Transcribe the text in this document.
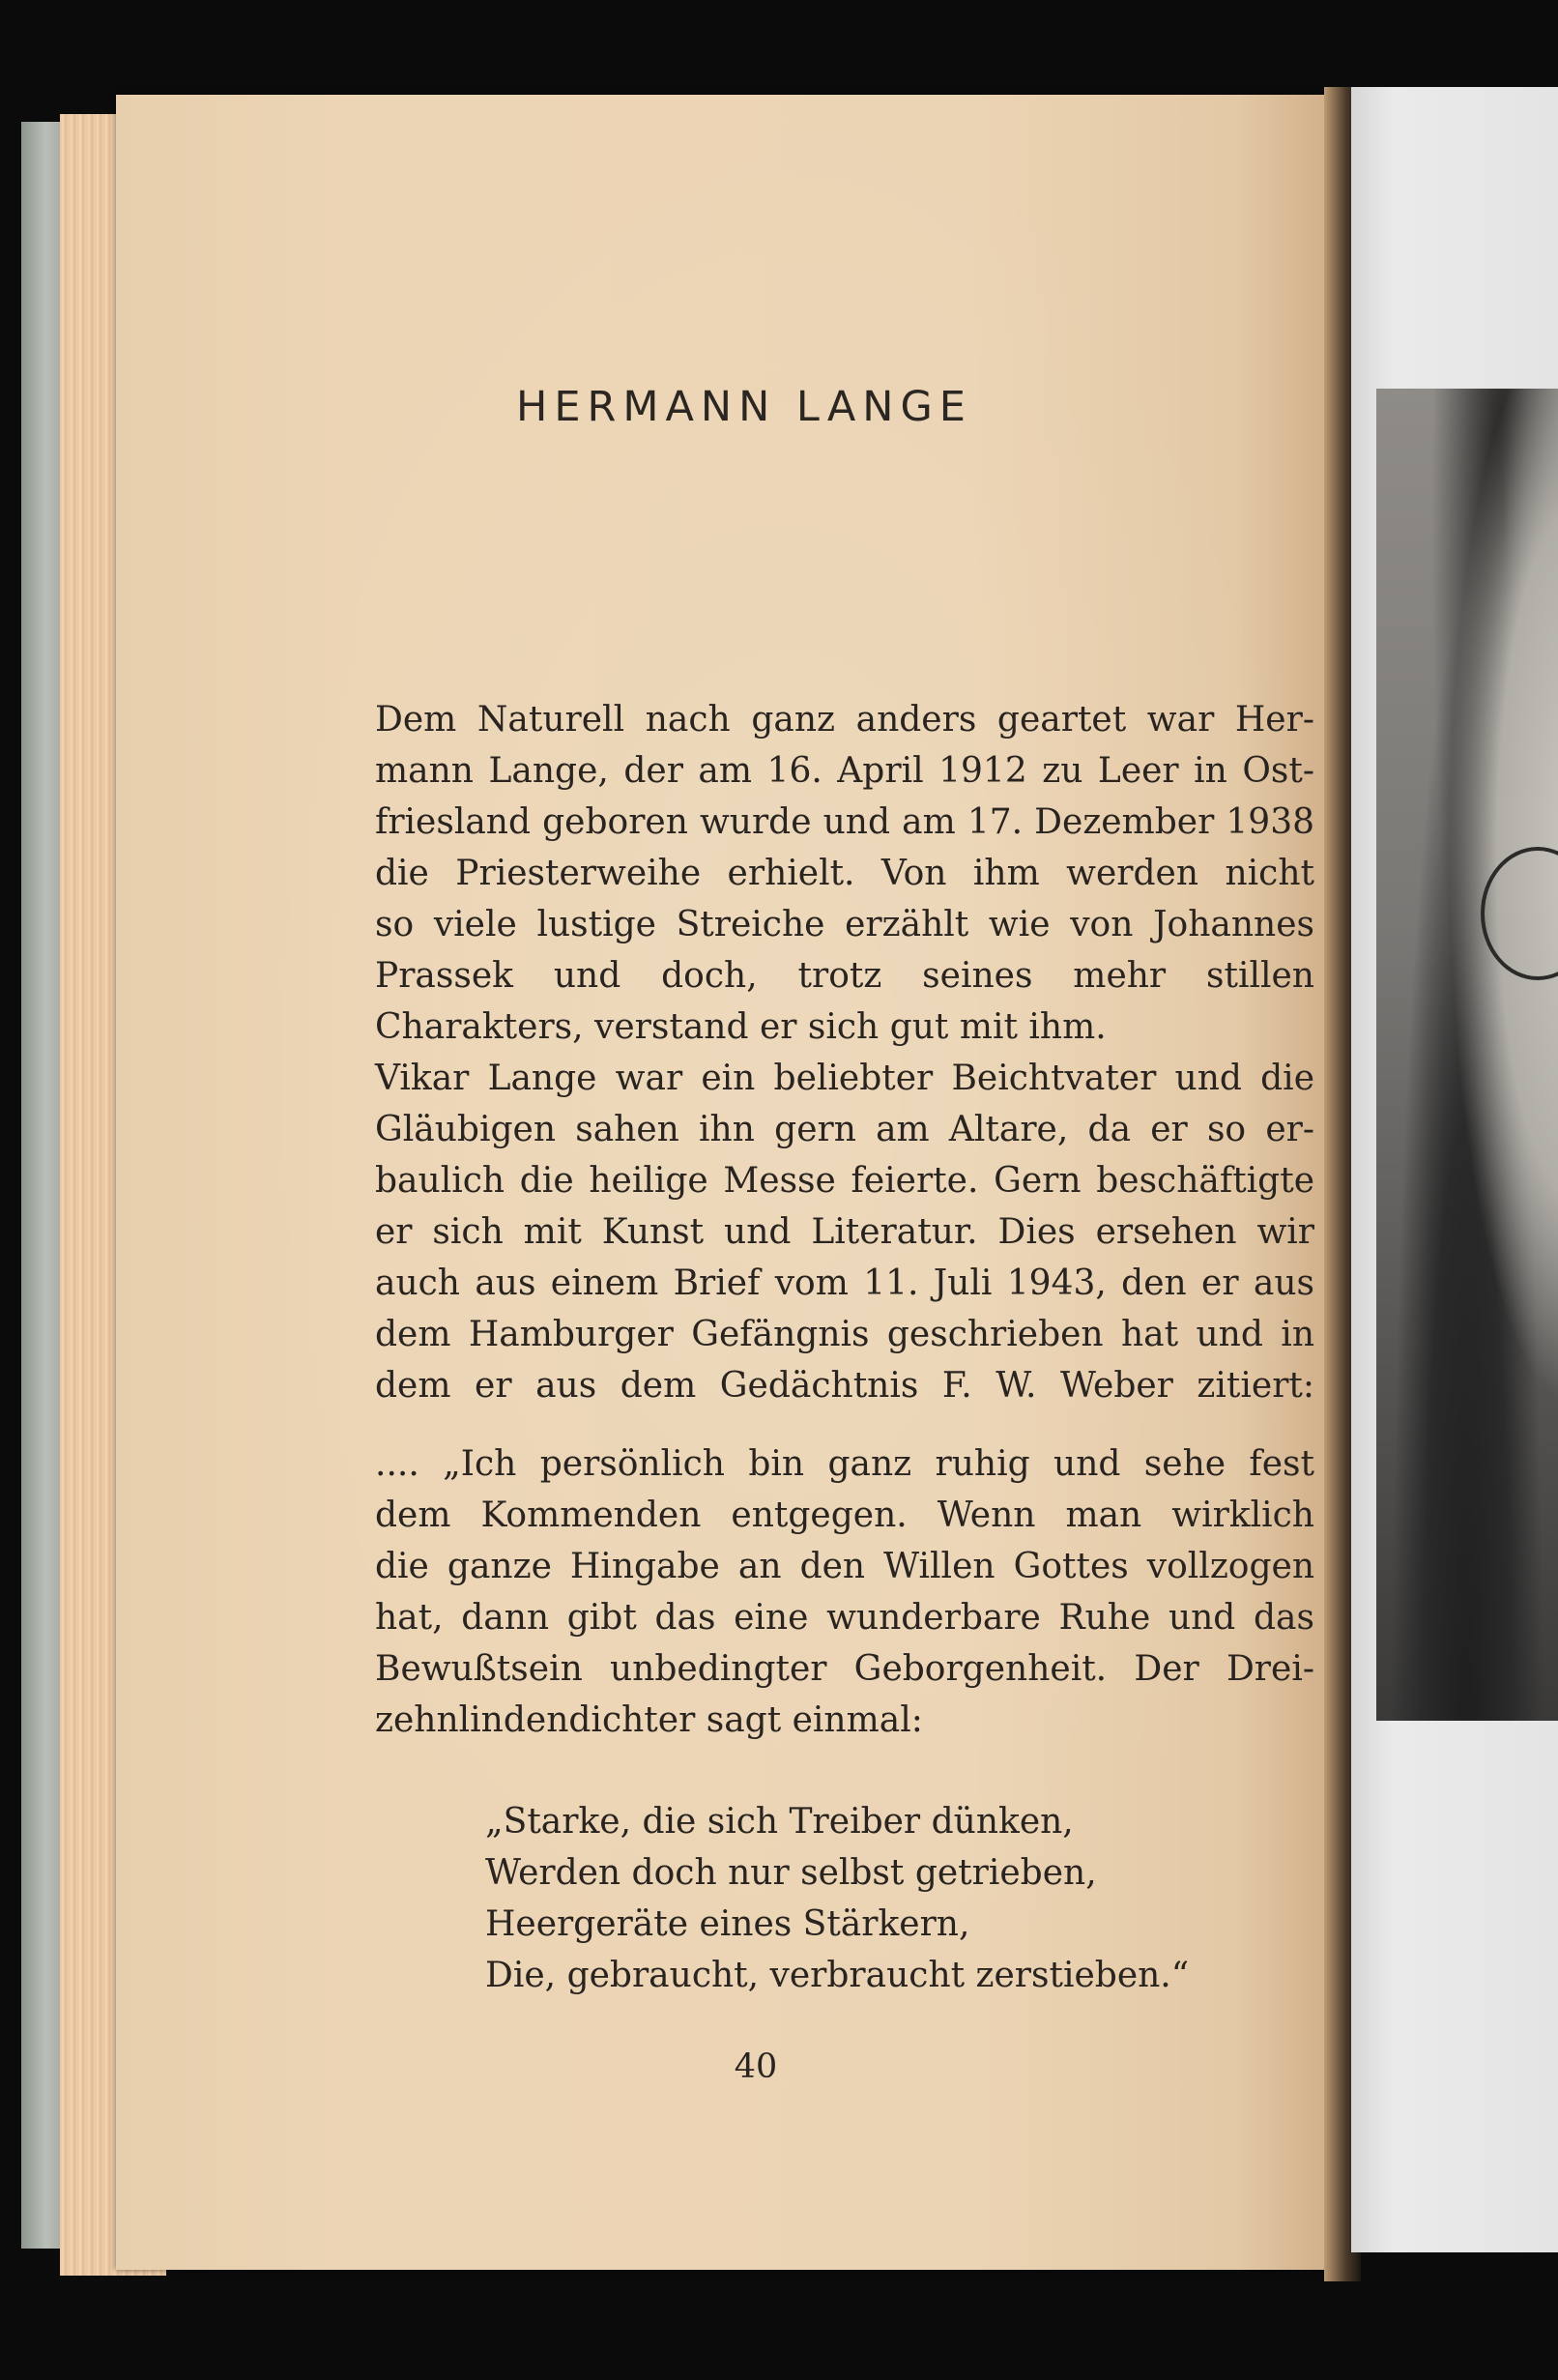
HERMANN LANGE
Dem Naturell nach ganz anders geartet war Her-
mann Lange, der am 16. April 1912 zu Leer in Ost-
friesland geboren wurde und am 17. Dezember 1938
die Priesterweihe erhielt. Von ihm werden nicht
so viele lustige Streiche erzählt wie von Johannes
Prassek und doch, trotz seines mehr stillen
Charakters, verstand er sich gut mit ihm.
Vikar Lange war ein beliebter Beichtvater und die
Gläubigen sahen ihn gern am Altare, da er so er-
baulich die heilige Messe feierte. Gern beschäftigte
er sich mit Kunst und Literatur. Dies ersehen wir
auch aus einem Brief vom 11. Juli 1943, den er aus
dem Hamburger Gefängnis geschrieben hat und in
dem er aus dem Gedächtnis F. W. Weber zitiert:
.... „Ich persönlich bin ganz ruhig und sehe fest
dem Kommenden entgegen. Wenn man wirklich
die ganze Hingabe an den Willen Gottes vollzogen
hat, dann gibt das eine wunderbare Ruhe und das
Bewußtsein unbedingter Geborgenheit. Der Drei-
zehnlindendichter sagt einmal:
„Starke, die sich Treiber dünken,
Werden doch nur selbst getrieben,
Heergeräte eines Stärkern,
Die, gebraucht, verbraucht zerstieben.“
40
